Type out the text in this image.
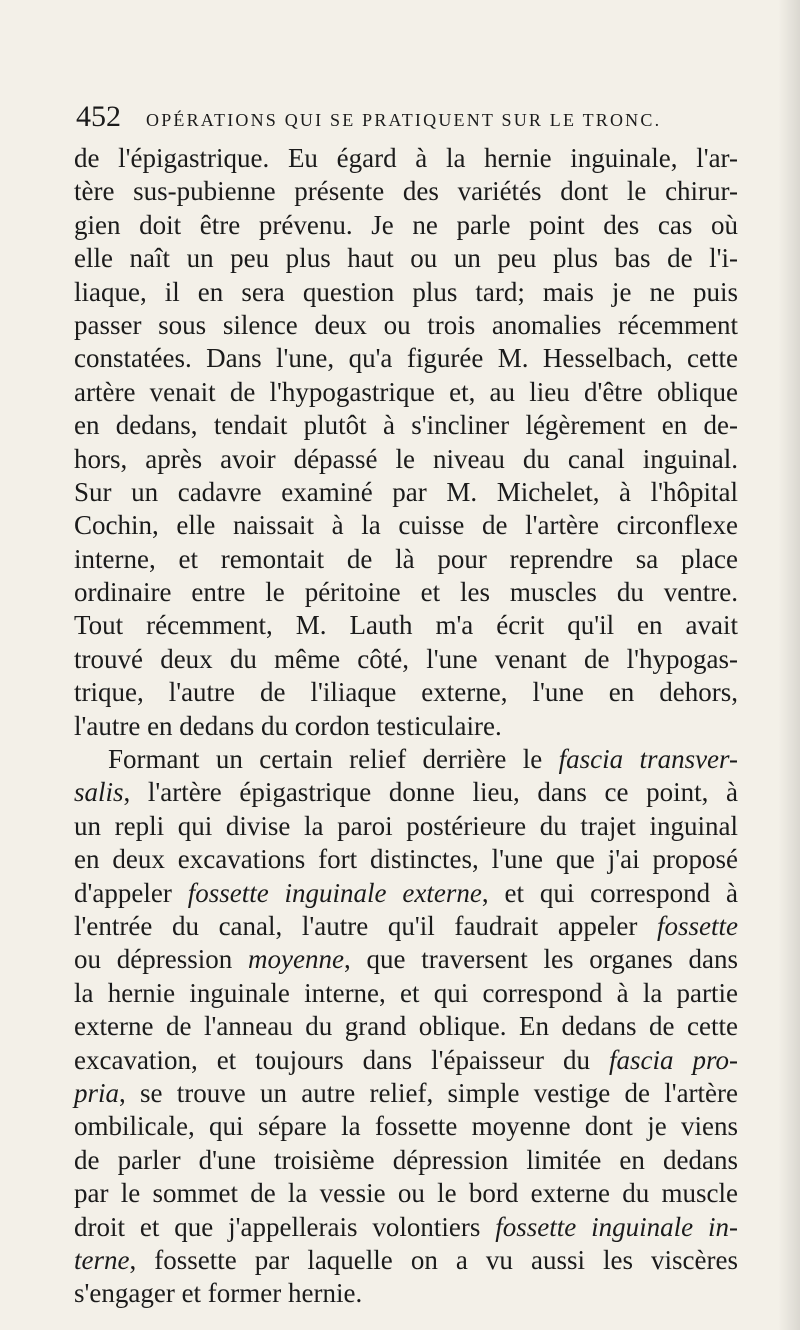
452	OPÉRATIONS QUI SE PRATIQUENT SUR LE TRONC.
de l'épigastrique. Eu égard à la hernie inguinale, l'ar-
tère sus-pubienne présente des variétés dont le chirur-
gien doit être prévenu. Je ne parle point des cas où
elle naît un peu plus haut ou un peu plus bas de l'i-
liaque, il en sera question plus tard; mais je ne puis
passer sous silence deux ou trois anomalies récemment
constatées. Dans l'une, qu'a figurée M. Hesselbach, cette
artère venait de l'hypogastrique et, au lieu d'être oblique
en dedans, tendait plutôt à s'incliner légèrement en de-
hors, après avoir dépassé le niveau du canal inguinal.
Sur un cadavre examiné par M. Michelet, à l'hôpital
Cochin, elle naissait à la cuisse de l'artère circonflexe
interne, et remontait de là pour reprendre sa place
ordinaire entre le péritoine et les muscles du ventre.
Tout récemment, M. Lauth m'a écrit qu'il en avait
trouvé deux du même côté, l'une venant de l'hypogas-
trique, l'autre de l'iliaque externe, l'une en dehors,
l'autre en dedans du cordon testiculaire.
Formant un certain relief derrière le fascia transver-
salis, l'artère épigastrique donne lieu, dans ce point, à
un repli qui divise la paroi postérieure du trajet inguinal
en deux excavations fort distinctes, l'une que j'ai proposé
d'appeler fossette inguinale externe, et qui correspond à
l'entrée du canal, l'autre qu'il faudrait appeler fossette
ou dépression moyenne, que traversent les organes dans
la hernie inguinale interne, et qui correspond à la partie
externe de l'anneau du grand oblique. En dedans de cette
excavation, et toujours dans l'épaisseur du fascia pro-
pria, se trouve un autre relief, simple vestige de l'artère
ombilicale, qui sépare la fossette moyenne dont je viens
de parler d'une troisième dépression limitée en dedans
par le sommet de la vessie ou le bord externe du muscle
droit et que j'appellerais volontiers fossette inguinale in-
terne, fossette par laquelle on a vu aussi les viscères
s'engager et former hernie.
